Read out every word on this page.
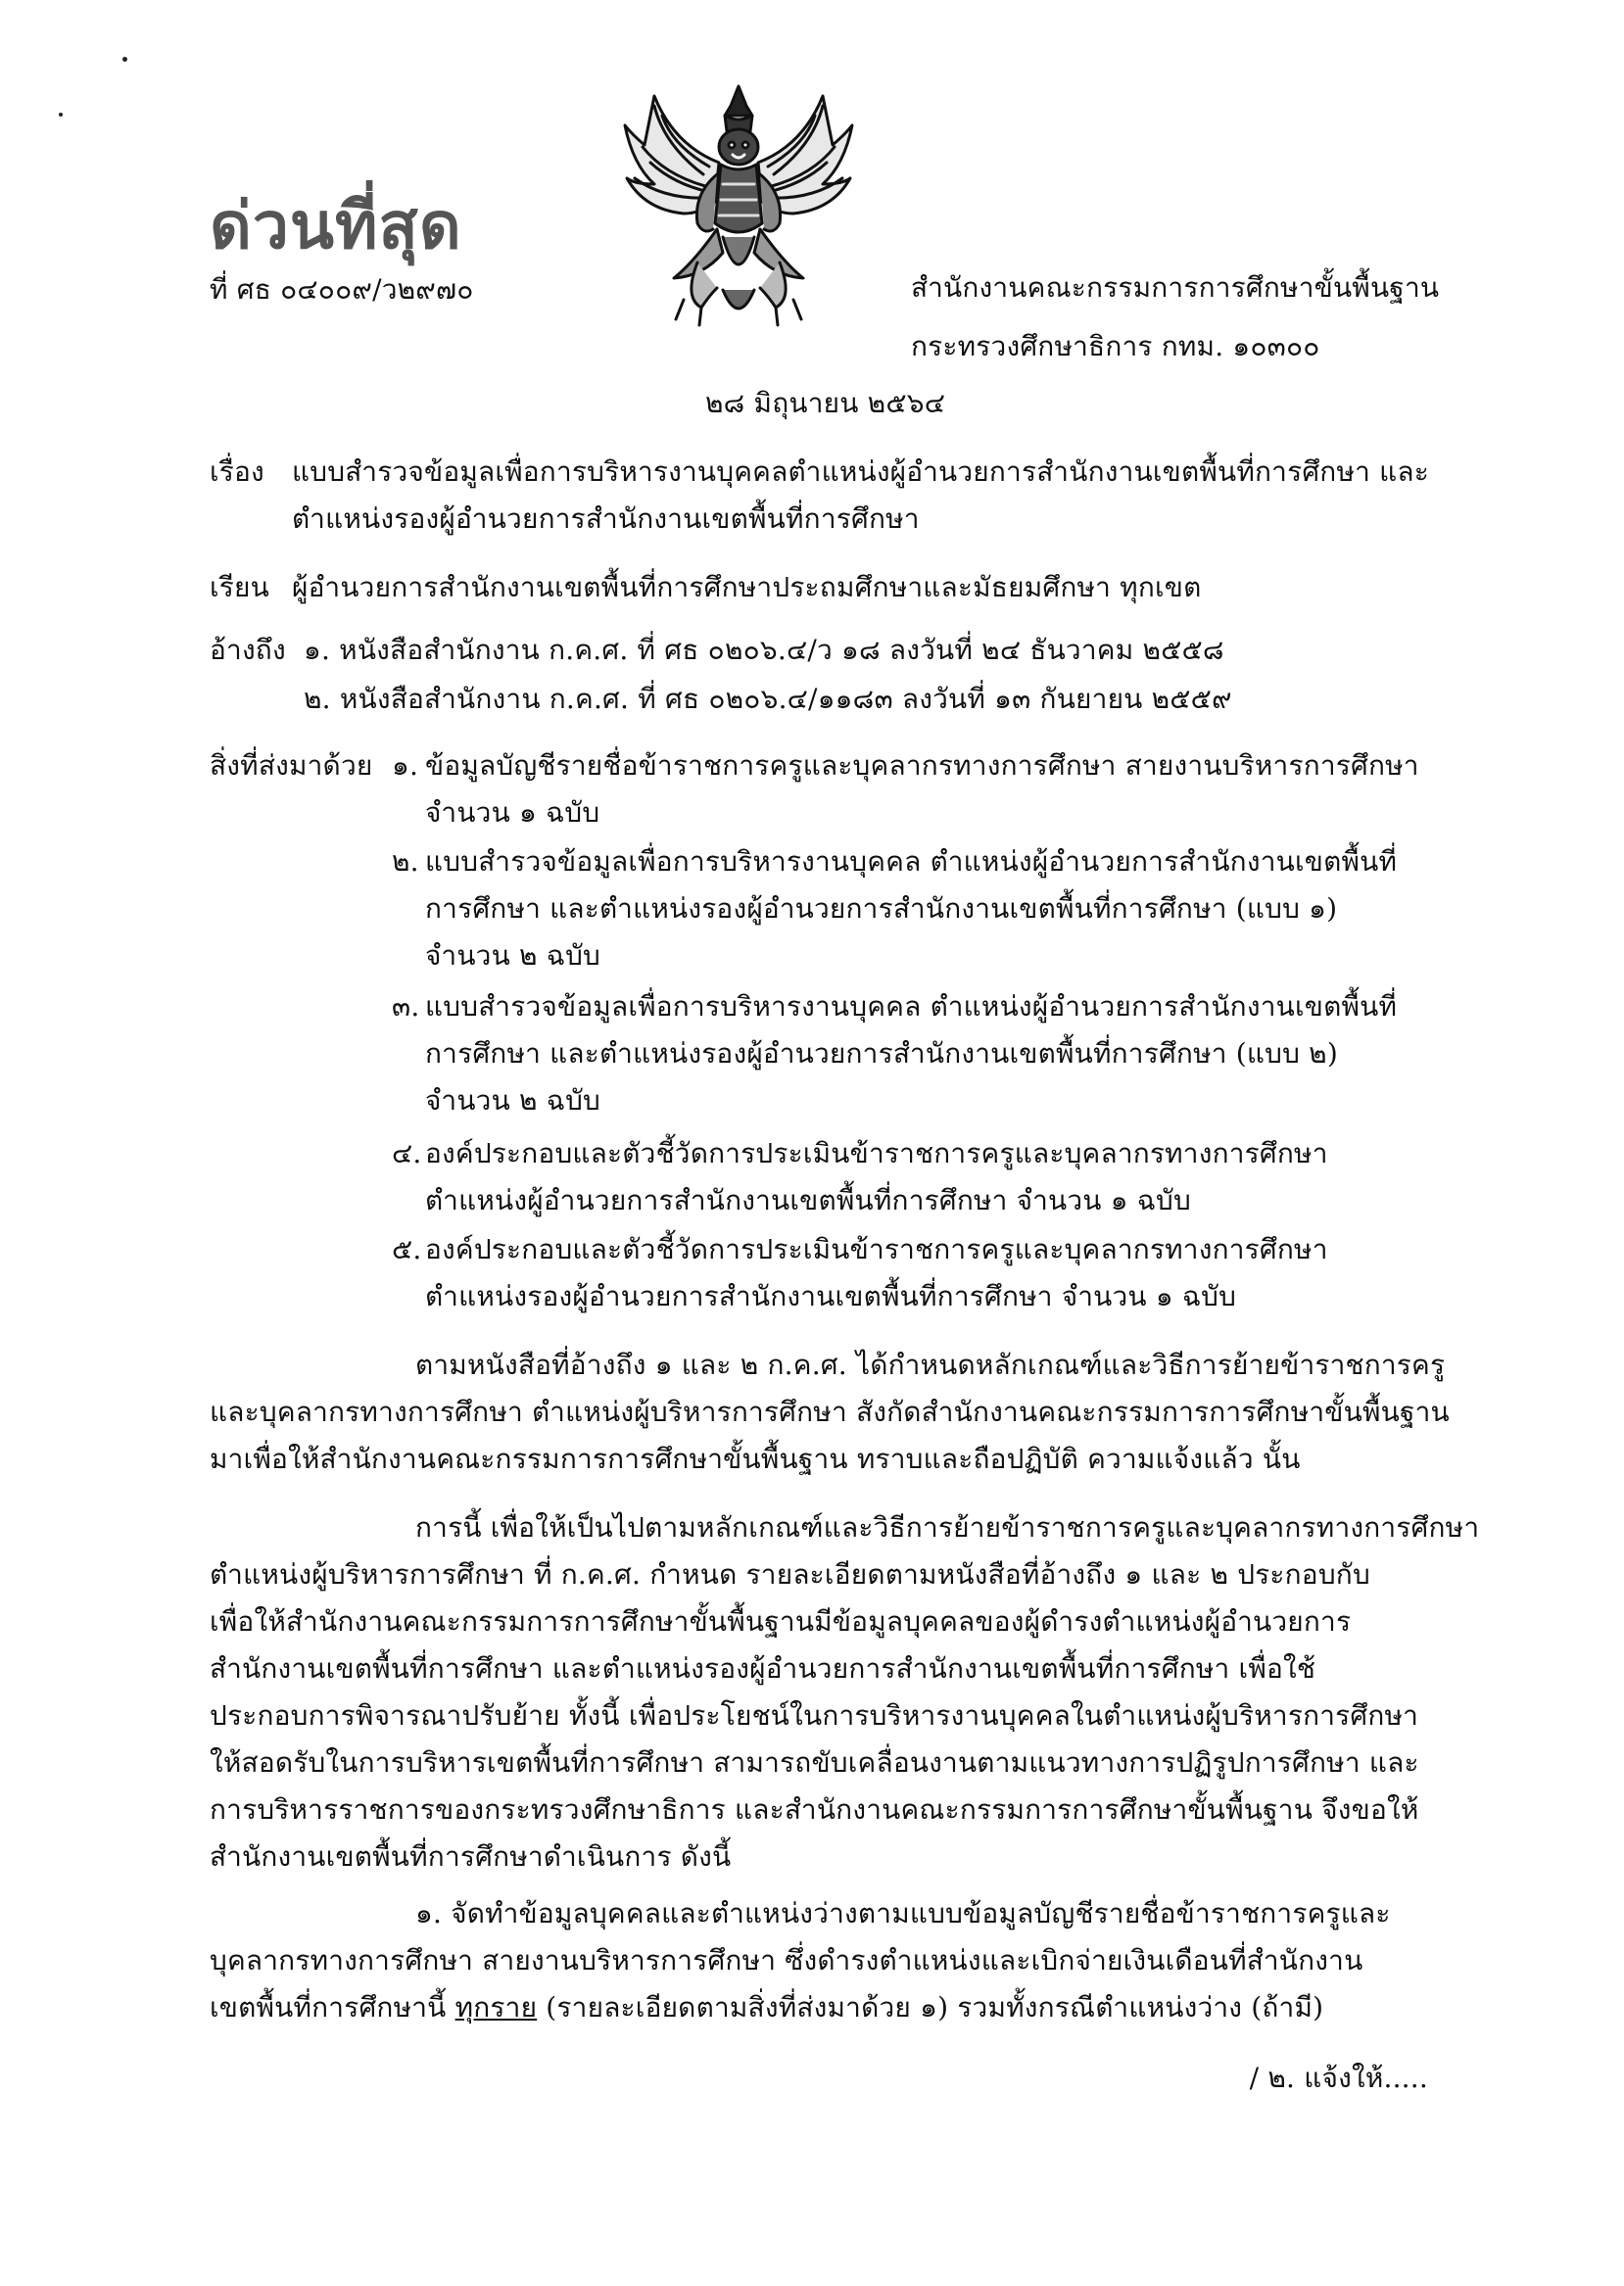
ด่วนที่สุด
ที่ ศธ ๐๔๐๐๙/ว๒๙๗๐	สำนักงานคณะกรรมการการศึกษาขั้นพื้นฐาน
กระทรวงศึกษาธิการ กทม. ๑๐๓๐๐
๒๘ มิถุนายน ๒๕๖๔
เรื่อง แบบสำรวจข้อมูลเพื่อการบริหารงานบุคคลตำแหน่งผู้อำนวยการสำนักงานเขตพื้นที่การศึกษา และ
ตำแหน่งรองผู้อำนวยการสำนักงานเขตพื้นที่การศึกษา
เรียน ผู้อำนวยการสำนักงานเขตพื้นที่การศึกษาประถมศึกษาและมัธยมศึกษา ทุกเขต
อ้างถึง ๑. หนังสือสำนักงาน ก.ค.ศ. ที่ ศธ ๐๒๐๖.๔/ว ๑๘ ลงวันที่ ๒๔ ธันวาคม ๒๕๕๘
๒. หนังสือสำนักงาน ก.ค.ศ. ที่ ศธ ๐๒๐๖.๔/๑๑๘๓ ลงวันที่ ๑๓ กันยายน ๒๕๕๙
สิ่งที่ส่งมาด้วย ๑. ข้อมูลบัญชีรายชื่อข้าราชการครูและบุคลากรทางการศึกษา สายงานบริหารการศึกษา
จำนวน ๑ ฉบับ
๒. แบบสำรวจข้อมูลเพื่อการบริหารงานบุคคล ตำแหน่งผู้อำนวยการสำนักงานเขตพื้นที่
การศึกษา และตำแหน่งรองผู้อำนวยการสำนักงานเขตพื้นที่การศึกษา (แบบ ๑)
จำนวน ๒ ฉบับ
๓. แบบสำรวจข้อมูลเพื่อการบริหารงานบุคคล ตำแหน่งผู้อำนวยการสำนักงานเขตพื้นที่
การศึกษา และตำแหน่งรองผู้อำนวยการสำนักงานเขตพื้นที่การศึกษา (แบบ ๒)
จำนวน ๒ ฉบับ
๔. องค์ประกอบและตัวชี้วัดการประเมินข้าราชการครูและบุคลากรทางการศึกษา
ตำแหน่งผู้อำนวยการสำนักงานเขตพื้นที่การศึกษา จำนวน ๑ ฉบับ
๕. องค์ประกอบและตัวชี้วัดการประเมินข้าราชการครูและบุคลากรทางการศึกษา
ตำแหน่งรองผู้อำนวยการสำนักงานเขตพื้นที่การศึกษา จำนวน ๑ ฉบับ
ตามหนังสือที่อ้างถึง ๑ และ ๒ ก.ค.ศ. ได้กำหนดหลักเกณฑ์และวิธีการย้ายข้าราชการครู
และบุคลากรทางการศึกษา ตำแหน่งผู้บริหารการศึกษา สังกัดสำนักงานคณะกรรมการการศึกษาขั้นพื้นฐาน
มาเพื่อให้สำนักงานคณะกรรมการการศึกษาขั้นพื้นฐาน ทราบและถือปฏิบัติ ความแจ้งแล้ว นั้น
การนี้ เพื่อให้เป็นไปตามหลักเกณฑ์และวิธีการย้ายข้าราชการครูและบุคลากรทางการศึกษา
ตำแหน่งผู้บริหารการศึกษา ที่ ก.ค.ศ. กำหนด รายละเอียดตามหนังสือที่อ้างถึง ๑ และ ๒ ประกอบกับ
เพื่อให้สำนักงานคณะกรรมการการศึกษาขั้นพื้นฐานมีข้อมูลบุคคลของผู้ดำรงตำแหน่งผู้อำนวยการ
สำนักงานเขตพื้นที่การศึกษา และตำแหน่งรองผู้อำนวยการสำนักงานเขตพื้นที่การศึกษา เพื่อใช้
ประกอบการพิจารณาปรับย้าย ทั้งนี้ เพื่อประโยชน์ในการบริหารงานบุคคลในตำแหน่งผู้บริหารการศึกษา
ให้สอดรับในการบริหารเขตพื้นที่การศึกษา สามารถขับเคลื่อนงานตามแนวทางการปฏิรูปการศึกษา และ
การบริหารราชการของกระทรวงศึกษาธิการ และสำนักงานคณะกรรมการการศึกษาขั้นพื้นฐาน จึงขอให้
สำนักงานเขตพื้นที่การศึกษาดำเนินการ ดังนี้
๑. จัดทำข้อมูลบุคคลและตำแหน่งว่างตามแบบข้อมูลบัญชีรายชื่อข้าราชการครูและ
บุคลากรทางการศึกษา สายงานบริหารการศึกษา ซึ่งดำรงตำแหน่งและเบิกจ่ายเงินเดือนที่สำนักงาน
เขตพื้นที่การศึกษานี้ ทุกราย (รายละเอียดตามสิ่งที่ส่งมาด้วย ๑) รวมทั้งกรณีตำแหน่งว่าง (ถ้ามี)
/ ๒. แจ้งให้.....
